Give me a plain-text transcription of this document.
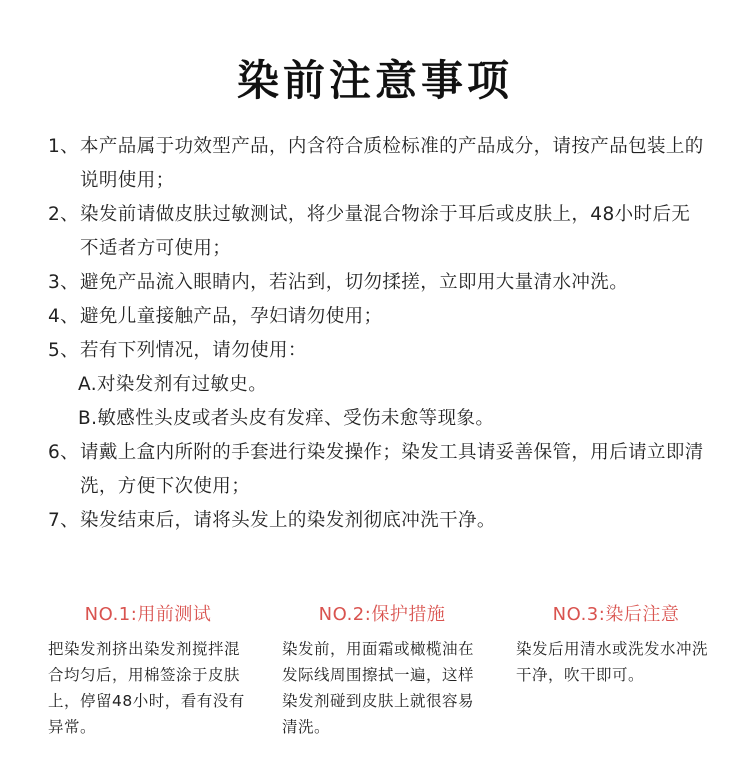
染前注意事项
1、 本产品属于功效型产品，内含符合质检标准的产品成分，请按产品包装上的说明使用；
2、 染发前请做皮肤过敏测试，将少量混合物涂于耳后或皮肤上，48小时后无不适者方可使用；
3、 避免产品流入眼睛内，若沾到，切勿揉搓，立即用大量清水冲洗。
4、 避免儿童接触产品，孕妇请勿使用；
5、 若有下列情况，请勿使用：
A.对染发剂有过敏史。
B.敏感性头皮或者头皮有发痒、受伤未愈等现象。
6、 请戴上盒内所附的手套进行染发操作；染发工具请妥善保管，用后请立即清洗，方便下次使用；
7、 染发结束后，请将头发上的染发剂彻底冲洗干净。
NO.1:用前测试
把染发剂挤出染发剂搅拌混合均匀后，用棉签涂于皮肤上，停留48小时，看有没有异常。
NO.2:保护措施
染发前，用面霜或橄榄油在发际线周围擦拭一遍，这样染发剂碰到皮肤上就很容易清洗。
NO.3:染后注意
染发后用清水或洗发水冲洗干净，吹干即可。
